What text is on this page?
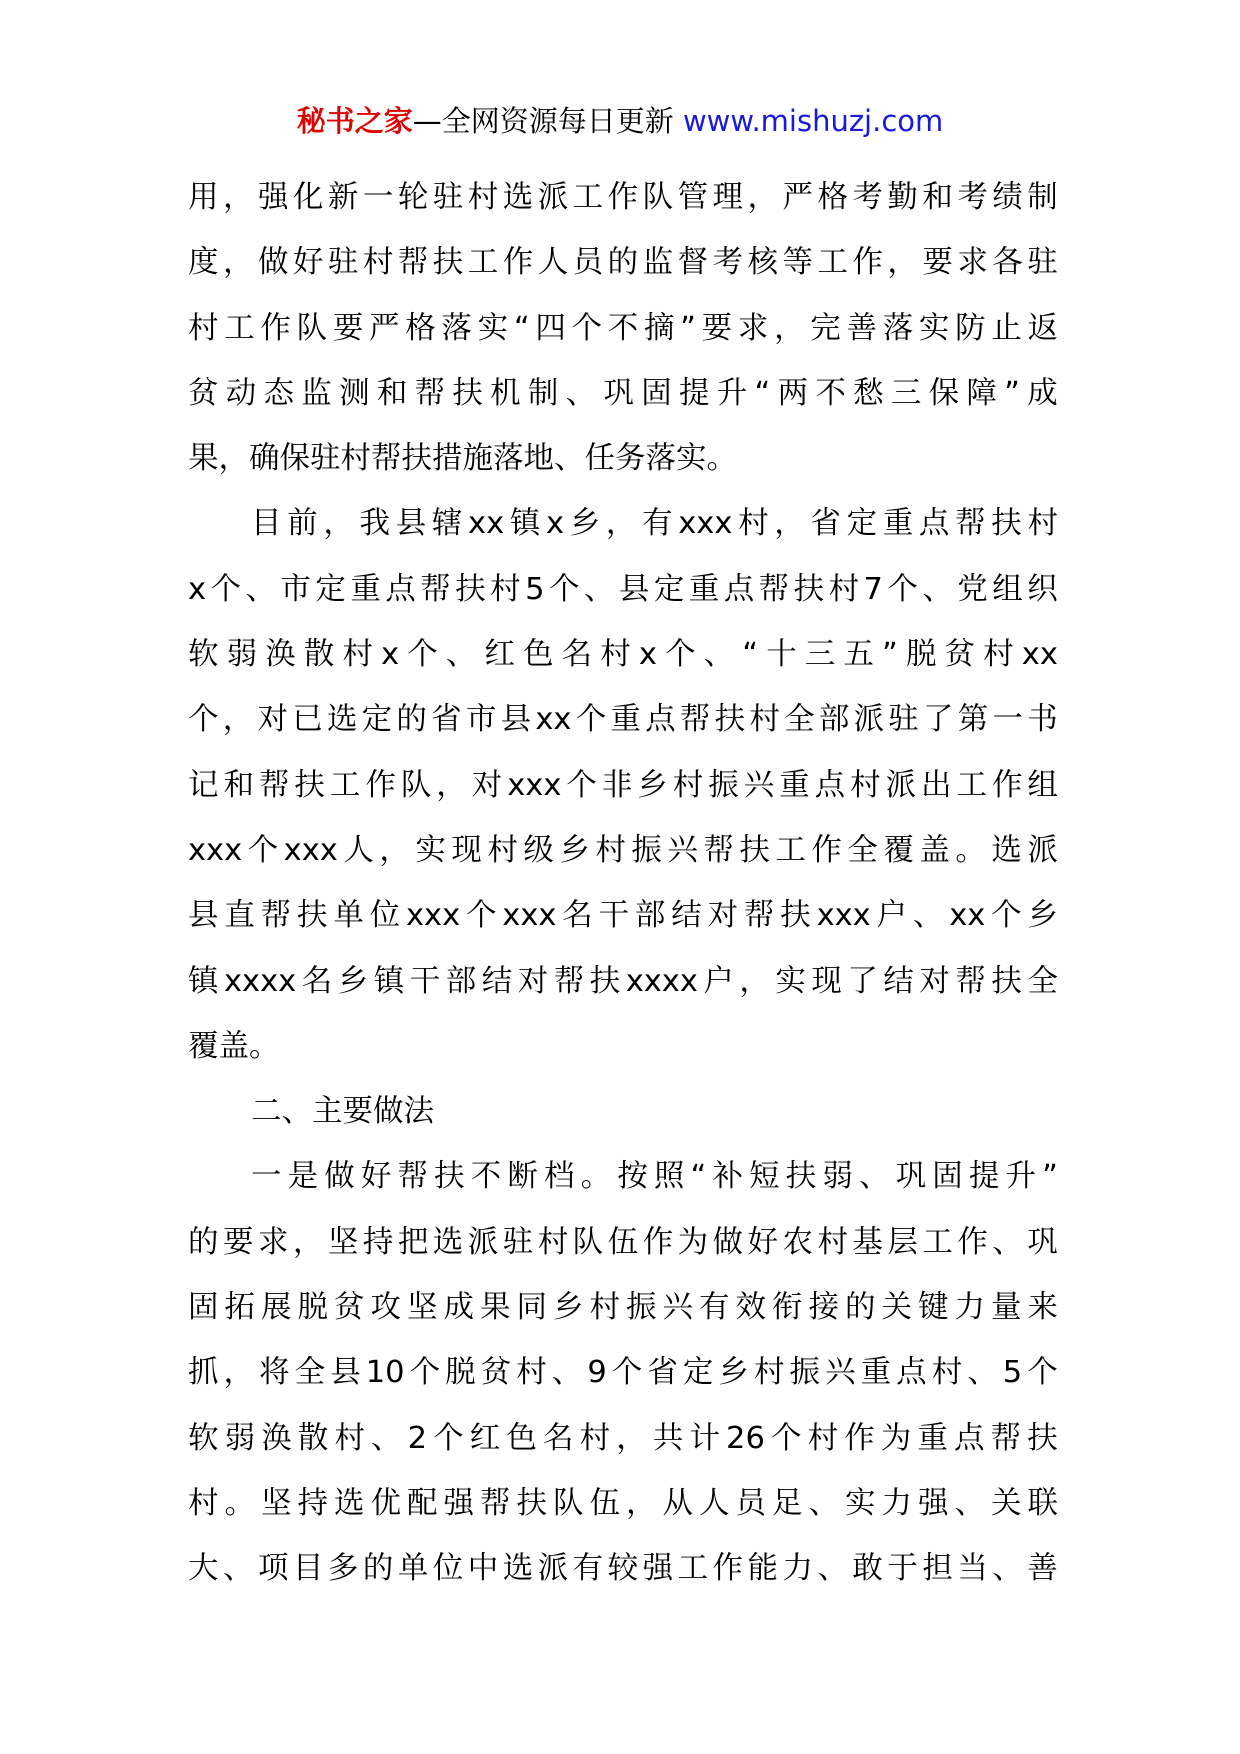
秘书之家—全网资源每日更新 www.mishuzj.com
用 ， 强 化 新 一 轮 驻 村 选 派 工 作 队 管 理 ， 严 格 考 勤 和 考 绩 制
度 ， 做 好 驻 村 帮 扶 工 作 人 员 的 监 督 考 核 等 工 作 ， 要 求 各 驻
村 工 作 队 要 严 格 落 实 “ 四 个 不 摘 ” 要 求 ， 完 善 落 实 防 止 返
贫 动 态 监 测 和 帮 扶 机 制 、 巩 固 提 升 “ 两 不 愁 三 保 障 ” 成
果，确保驻村帮扶措施落地、任务落实。
目 前 ， 我 县 辖 xx 镇 x 乡 ， 有 xxx 村 ， 省 定 重 点 帮 扶 村
x 个 、 市 定 重 点 帮 扶 村 5 个 、 县 定 重 点 帮 扶 村 7 个 、 党 组 织
软 弱 涣 散 村 x 个 、 红 色 名 村 x 个 、 “ 十 三 五 ” 脱 贫 村 xx
个 ， 对 已 选 定 的 省 市 县 xx 个 重 点 帮 扶 村 全 部 派 驻 了 第 一 书
记 和 帮 扶 工 作 队 ， 对 xxx 个 非 乡 村 振 兴 重 点 村 派 出 工 作 组
xxx 个 xxx 人 ， 实 现 村 级 乡 村 振 兴 帮 扶 工 作 全 覆 盖 。 选 派
县 直 帮 扶 单 位 xxx 个 xxx 名 干 部 结 对 帮 扶 xxx 户 、 xx 个 乡
镇 xxxx 名 乡 镇 干 部 结 对 帮 扶 xxxx 户 ， 实 现 了 结 对 帮 扶 全
覆盖。
二、主要做法
一 是 做 好 帮 扶 不 断 档 。 按 照 “ 补 短 扶 弱 、 巩 固 提 升 ”
的 要 求 ， 坚 持 把 选 派 驻 村 队 伍 作 为 做 好 农 村 基 层 工 作 、 巩
固 拓 展 脱 贫 攻 坚 成 果 同 乡 村 振 兴 有 效 衔 接 的 关 键 力 量 来
抓 ， 将 全 县 10 个 脱 贫 村 、 9 个 省 定 乡 村 振 兴 重 点 村 、 5 个
软 弱 涣 散 村 、 2 个 红 色 名 村 ， 共 计 26 个 村 作 为 重 点 帮 扶
村 。 坚 持 选 优 配 强 帮 扶 队 伍 ， 从 人 员 足 、 实 力 强 、 关 联
大 、 项 目 多 的 单 位 中 选 派 有 较 强 工 作 能 力 、 敢 于 担 当 、 善
